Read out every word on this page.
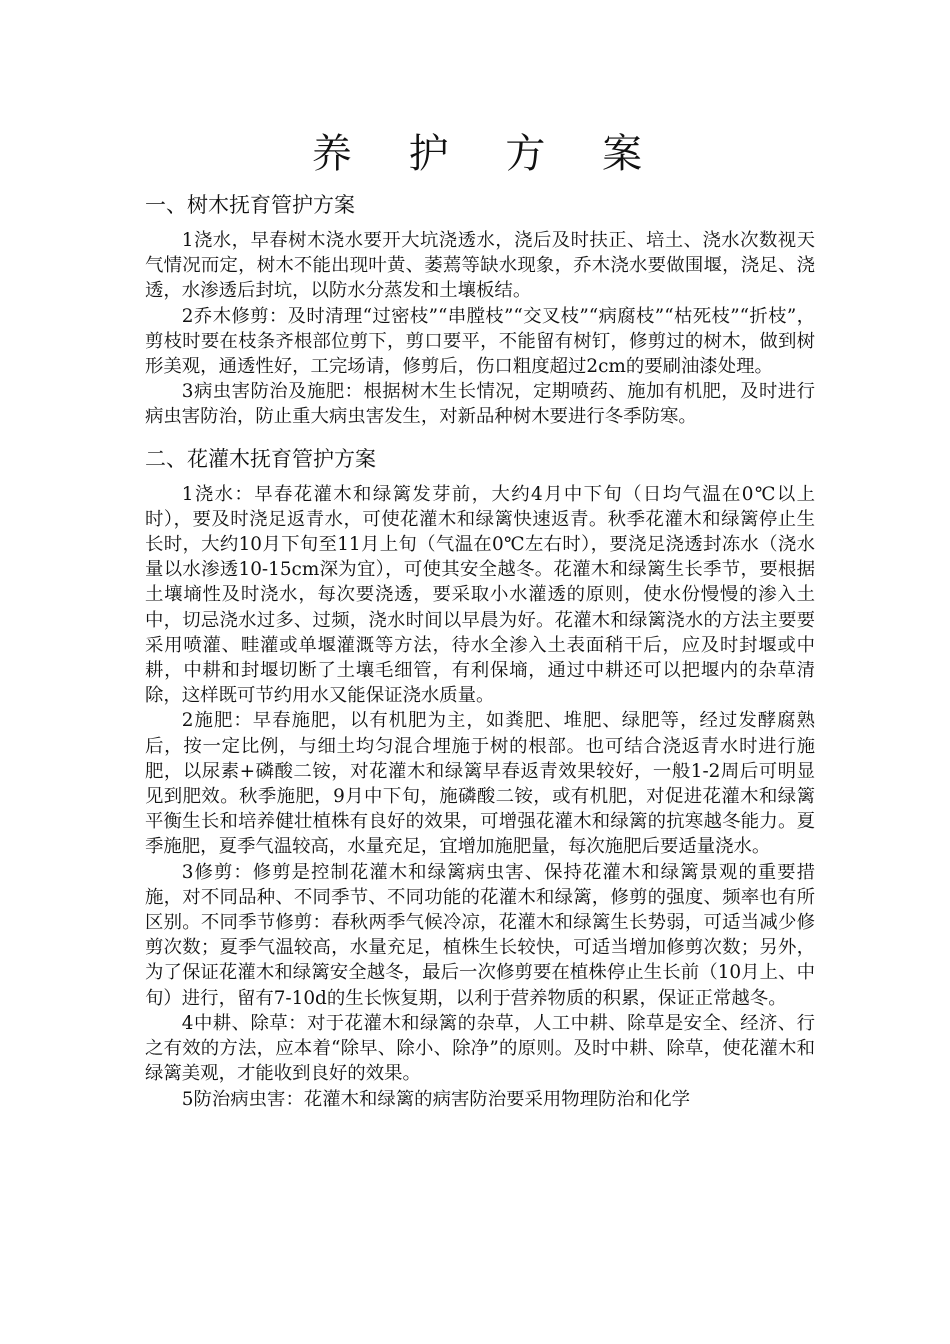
养 护 方 案
一、树木抚育管护方案

1浇水，早春树木浇水要开大坑浇透水，浇后及时扶正、培土、浇水次数视天气情况而定，树木不能出现叶黄、萎蔫等缺水现象，乔木浇水要做围堰，浇足、浇透，水渗透后封坑，以防水分蒸发和土壤板结。

2乔木修剪：及时清理“过密枝”“串膛枝”“交叉枝”“病腐枝”“枯死枝”“折枝”，剪枝时要在枝条齐根部位剪下，剪口要平，不能留有树钉，修剪过的树木，做到树形美观，通透性好，工完场请，修剪后，伤口粗度超过2cm的要刷油漆处理。

3病虫害防治及施肥：根据树木生长情况，定期喷药、施加有机肥，及时进行病虫害防治，防止重大病虫害发生，对新品种树木要进行冬季防寒。

二、花灌木抚育管护方案

1浇水：早春花灌木和绿篱发芽前，大约4月中下旬（日均气温在0℃以上时），要及时浇足返青水，可使花灌木和绿篱快速返青。秋季花灌木和绿篱停止生长时，大约10月下旬至11月上旬（气温在0℃左右时），要浇足浇透封冻水（浇水量以水渗透10-15cm深为宜），可使其安全越冬。花灌木和绿篱生长季节，要根据土壤墒性及时浇水，每次要浇透，要采取小水灌透的原则，使水份慢慢的渗入土中，切忌浇水过多、过频，浇水时间以早晨为好。花灌木和绿篱浇水的方法主要要采用喷灌、畦灌或单堰灌溉等方法，待水全渗入土表面稍干后，应及时封堰或中耕，中耕和封堰切断了土壤毛细管，有利保墒，通过中耕还可以把堰内的杂草清除，这样既可节约用水又能保证浇水质量。

2施肥：早春施肥，以有机肥为主，如粪肥、堆肥、绿肥等，经过发酵腐熟后，按一定比例，与细土均匀混合埋施于树的根部。也可结合浇返青水时进行施肥，以尿素+磷酸二铵，对花灌木和绿篱早春返青效果较好，一般1-2周后可明显见到肥效。秋季施肥，9月中下旬，施磷酸二铵，或有机肥，对促进花灌木和绿篱平衡生长和培养健壮植株有良好的效果，可增强花灌木和绿篱的抗寒越冬能力。夏季施肥，夏季气温较高，水量充足，宜增加施肥量，每次施肥后要适量浇水。

3修剪：修剪是控制花灌木和绿篱病虫害、保持花灌木和绿篱景观的重要措施，对不同品种、不同季节、不同功能的花灌木和绿篱，修剪的强度、频率也有所区别。不同季节修剪：春秋两季气候冷凉，花灌木和绿篱生长势弱，可适当减少修剪次数；夏季气温较高，水量充足，植株生长较快，可适当增加修剪次数；另外，为了保证花灌木和绿篱安全越冬，最后一次修剪要在植株停止生长前（10月上、中旬）进行，留有7-10d的生长恢复期，以利于营养物质的积累，保证正常越冬。

4中耕、除草：对于花灌木和绿篱的杂草，人工中耕、除草是安全、经济、行之有效的方法，应本着“除早、除小、除净”的原则。及时中耕、除草，使花灌木和绿篱美观，才能收到良好的效果。

5防治病虫害：花灌木和绿篱的病害防治要采用物理防治和化学
